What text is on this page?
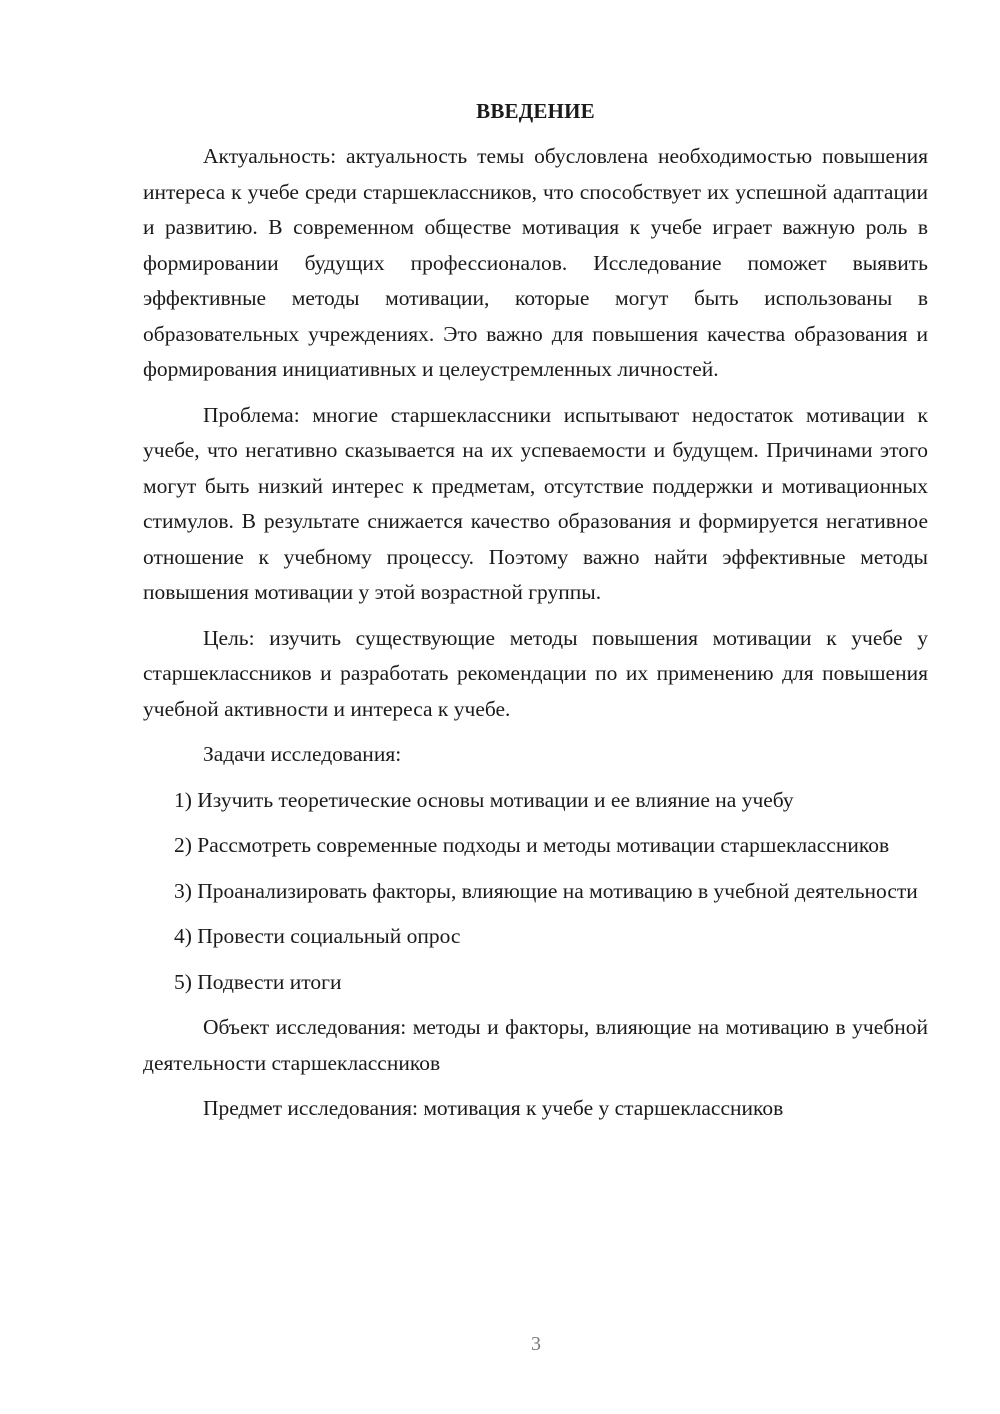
ВВЕДЕНИЕ

Актуальность: актуальность темы обусловлена необходимостью повышения интереса к учебе среди старшеклассников, что способствует их успешной адаптации и развитию. В современном обществе мотивация к учебе играет важную роль в формировании будущих профессионалов. Исследование поможет выявить эффективные методы мотивации, которые могут быть использованы в образовательных учреждениях. Это важно для повышения качества образования и формирования инициативных и целеустремленных личностей.

Проблема: многие старшеклассники испытывают недостаток мотивации к учебе, что негативно сказывается на их успеваемости и будущем. Причинами этого могут быть низкий интерес к предметам, отсутствие поддержки и мотивационных стимулов. В результате снижается качество образования и формируется негативное отношение к учебному процессу. Поэтому важно найти эффективные методы повышения мотивации у этой возрастной группы.

Цель: изучить существующие методы повышения мотивации к учебе у старшеклассников и разработать рекомендации по их применению для повышения учебной активности и интереса к учебе.

Задачи исследования:

1) Изучить теоретические основы мотивации и ее влияние на учебу

2) Рассмотреть современные подходы и методы мотивации старшеклассников

3) Проанализировать факторы, влияющие на мотивацию в учебной деятельности

4) Провести социальный опрос

5) Подвести итоги

Объект исследования: методы и факторы, влияющие на мотивацию в учебной деятельности старшеклассников

Предмет исследования: мотивация к учебе у старшеклассников

3
